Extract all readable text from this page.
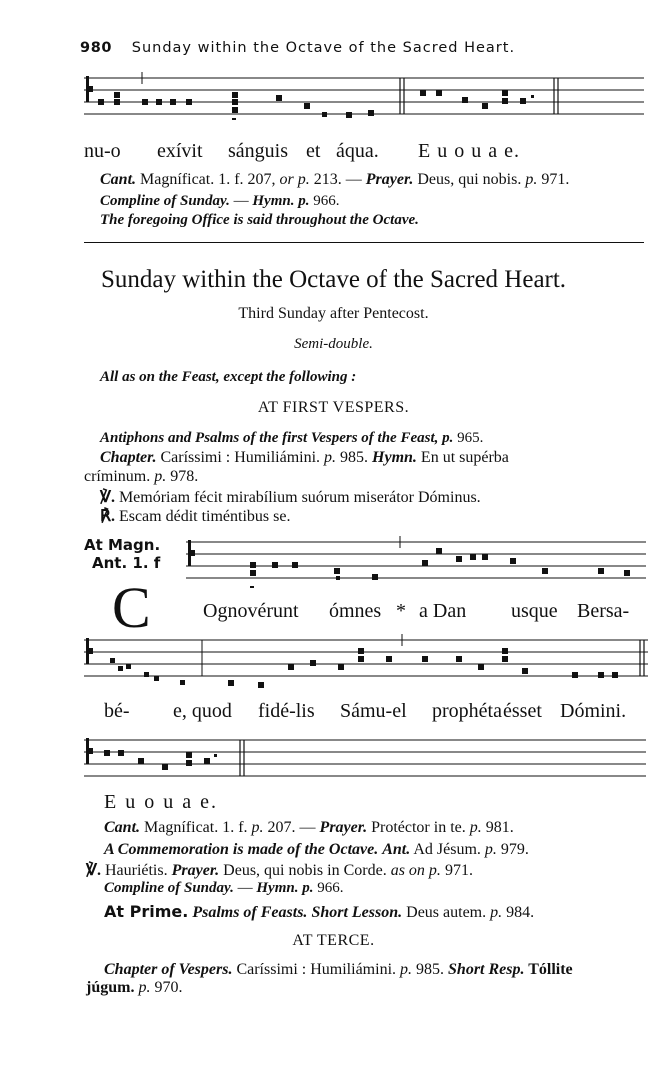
980 Sunday within the Octave of the Sacred Heart.
nu-o exívit sánguis et áqua. E u o u a e.
Cant. Magníficat. 1. f. 207, or p. 213. — Prayer. Deus, qui nobis. p. 971.
Compline of Sunday. — Hymn. p. 966.
The foregoing Office is said throughout the Octave.
Sunday within the Octave of the Sacred Heart.
Third Sunday after Pentecost.
Semi-double.
All as on the Feast, except the following :
AT FIRST VESPERS.
Antiphons and Psalms of the first Vespers of the Feast, p. 965.
Chapter. Caríssimi : Humiliámini. p. 985. Hymn. En ut supérba
críminum. p. 978.
℣. Memóriam fécit mirabílium suórum miserátor Dóminus.
℟. Escam dédit timéntibus se.
At Magn.
Ant. 1. f
C	Ognovérunt ómnes * a Dan usque Bersa-
bé- e, quod fidé-lis Sámu-el prophéta ésset Dómini.
E u o u a e.
Cant. Magníficat. 1. f. p. 207. — Prayer. Protéctor in te. p. 981.
A Commemoration is made of the Octave. Ant. Ad Jésum. p. 979.
℣. Hauriétis. Prayer. Deus, qui nobis in Corde. as on p. 971.
Compline of Sunday. — Hymn. p. 966.
At Prime. Psalms of Feasts. Short Lesson. Deus autem. p. 984.
AT TERCE.
Chapter of Vespers. Caríssimi : Humiliámini. p. 985. Short Resp. Tóllite
júgum. p. 970.
